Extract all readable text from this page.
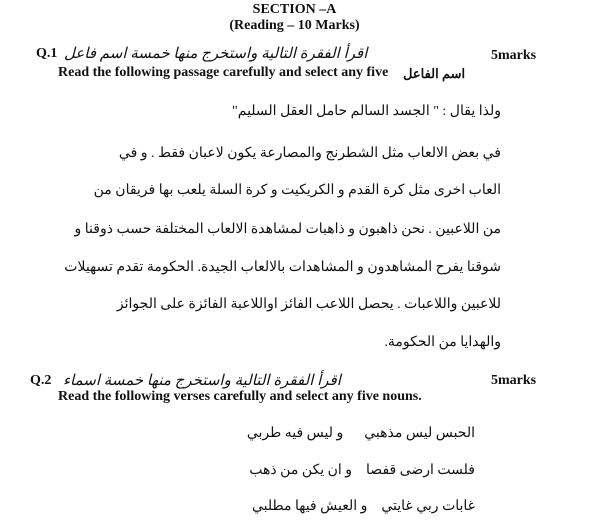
SECTION –A
(Reading – 10 Marks)
Q.1 اقرأ الفقرة التالية واستخرج منها خمسة اسم فاعل	5marks
Read the following passage carefully and select any five اسم الفاعل
ولذا يقال : " الجسد السالم حامل العقل السليم"
في بعض الالعاب مثل الشطرنج والمصارعة يكون لاعبان فقط . و في
العاب اخرى مثل كرة القدم و الكريكيت و كرة السلة يلعب بها فريقان من
من اللاعبين . نحن ذاهبون و ذاهبات لمشاهدة الالعاب المختلفة حسب ذوقنا و
شوقنا يفرح المشاهدون و المشاهدات بالالعاب الجيدة. الحكومة تقدم تسهيلات
للاعبين واللاعبات . يحصل اللاعب الفائز اواللاعبة الفائزة على الجوائز
والهدايا من الحكومة.
Q.2 اقرأ الفقرة التالية واستخرج منها خمسة اسماء	5marks
Read the following verses carefully and select any five nouns.
الحبس ليس مذهبي      و ليس فيه طربي
فلست ارضى قفصا    و ان يكن من ذهب
غابات ربي غايتي    و العيش فيها مطلبي
